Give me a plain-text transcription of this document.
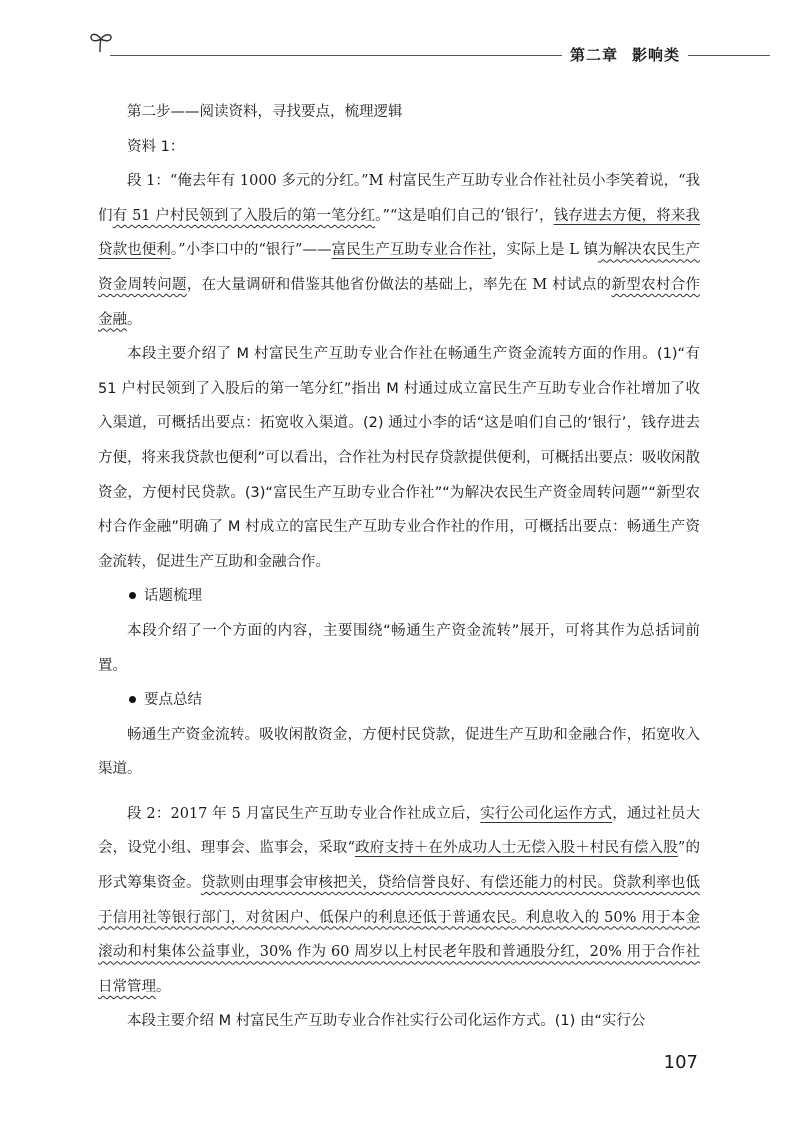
第二章 影响类
第二步——阅读资料，寻找要点，梳理逻辑
资料 1：
段 1：“俺去年有 1000 多元的分红。”M 村富民生产互助专业合作社社员小李笑着说，“我们有 51 户村民领到了入股后的第一笔分红。”“这是咱们自己的‘银行’，钱存进去方便，将来我贷款也便利。”小李口中的“银行”——富民生产互助专业合作社，实际上是 L 镇为解决农民生产资金周转问题，在大量调研和借鉴其他省份做法的基础上，率先在 M 村试点的新型农村合作金融。
本段主要介绍了 M 村富民生产互助专业合作社在畅通生产资金流转方面的作用。(1)“有 51 户村民领到了入股后的第一笔分红”指出 M 村通过成立富民生产互助专业合作社增加了收入渠道，可概括出要点：拓宽收入渠道。(2) 通过小李的话“这是咱们自己的‘银行’，钱存进去方便，将来我贷款也便利”可以看出，合作社为村民存贷款提供便利，可概括出要点：吸收闲散资金，方便村民贷款。(3)“富民生产互助专业合作社”“为解决农民生产资金周转问题”“新型农村合作金融”明确了 M 村成立的富民生产互助专业合作社的作用，可概括出要点：畅通生产资金流转，促进生产互助和金融合作。
话题梳理
本段介绍了一个方面的内容，主要围绕“畅通生产资金流转”展开，可将其作为总括词前置。
要点总结
畅通生产资金流转。吸收闲散资金，方便村民贷款，促进生产互助和金融合作，拓宽收入渠道。
段 2：2017 年 5 月富民生产互助专业合作社成立后，实行公司化运作方式，通过社员大会，设党小组、理事会、监事会，采取“政府支持＋在外成功人士无偿入股＋村民有偿入股”的形式筹集资金。贷款则由理事会审核把关，贷给信誉良好、有偿还能力的村民。贷款利率也低于信用社等银行部门，对贫困户、低保户的利息还低于普通农民。利息收入的 50% 用于本金滚动和村集体公益事业，30% 作为 60 周岁以上村民老年股和普通股分红，20% 用于合作社日常管理。
本段主要介绍 M 村富民生产互助专业合作社实行公司化运作方式。(1) 由“实行公
107
